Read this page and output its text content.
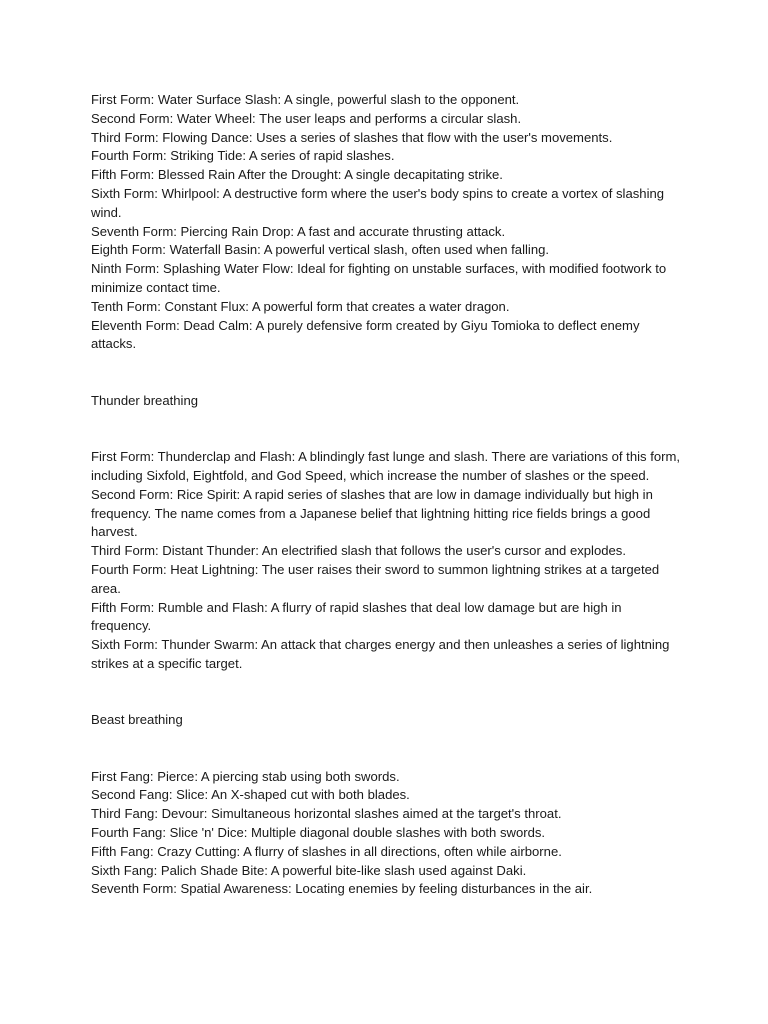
First Form: Water Surface Slash: A single, powerful slash to the opponent.

Second Form: Water Wheel: The user leaps and performs a circular slash.

Third Form: Flowing Dance: Uses a series of slashes that flow with the user's movements.

Fourth Form: Striking Tide: A series of rapid slashes.

Fifth Form: Blessed Rain After the Drought: A single decapitating strike.

Sixth Form: Whirlpool: A destructive form where the user's body spins to create a vortex of slashing wind.

Seventh Form: Piercing Rain Drop: A fast and accurate thrusting attack.

Eighth Form: Waterfall Basin: A powerful vertical slash, often used when falling.

Ninth Form: Splashing Water Flow: Ideal for fighting on unstable surfaces, with modified footwork to minimize contact time.

Tenth Form: Constant Flux: A powerful form that creates a water dragon.

Eleventh Form: Dead Calm: A purely defensive form created by Giyu Tomioka to deflect enemy attacks.

Thunder breathing

First Form: Thunderclap and Flash: A blindingly fast lunge and slash. There are variations of this form, including Sixfold, Eightfold, and God Speed, which increase the number of slashes or the speed.

Second Form: Rice Spirit: A rapid series of slashes that are low in damage individually but high in frequency. The name comes from a Japanese belief that lightning hitting rice fields brings a good harvest.

Third Form: Distant Thunder: An electrified slash that follows the user's cursor and explodes.

Fourth Form: Heat Lightning: The user raises their sword to summon lightning strikes at a targeted area.

Fifth Form: Rumble and Flash: A flurry of rapid slashes that deal low damage but are high in frequency.

Sixth Form: Thunder Swarm: An attack that charges energy and then unleashes a series of lightning strikes at a specific target.

Beast breathing

First Fang: Pierce: A piercing stab using both swords.

Second Fang: Slice: An X-shaped cut with both blades.

Third Fang: Devour: Simultaneous horizontal slashes aimed at the target's throat.

Fourth Fang: Slice 'n' Dice: Multiple diagonal double slashes with both swords.

Fifth Fang: Crazy Cutting: A flurry of slashes in all directions, often while airborne.

Sixth Fang: Palich Shade Bite: A powerful bite-like slash used against Daki.

Seventh Form: Spatial Awareness: Locating enemies by feeling disturbances in the air.
